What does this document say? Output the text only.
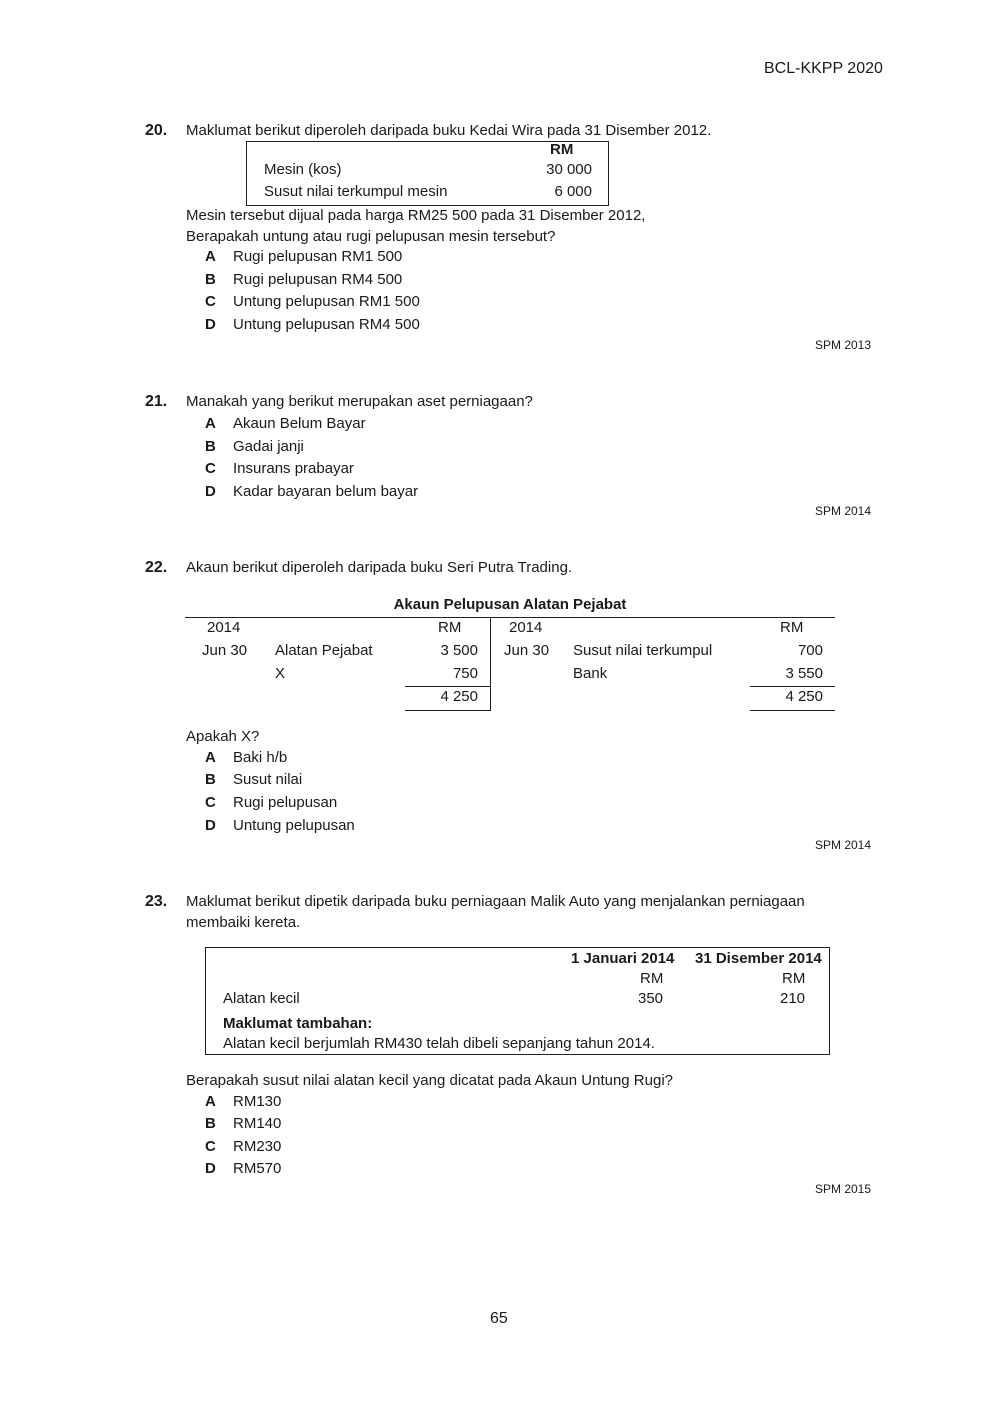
BCL-KKPP 2020
20. Maklumat berikut diperoleh daripada buku Kedai Wira pada 31 Disember 2012.
RM
Mesin (kos)	30 000
Susut nilai terkumpul mesin	6 000
Mesin tersebut dijual pada harga RM25 500 pada 31 Disember 2012,
Berapakah untung atau rugi pelupusan mesin tersebut?
A Rugi pelupusan RM1 500
B Rugi pelupusan RM4 500
C Untung pelupusan RM1 500
D Untung pelupusan RM4 500
SPM 2013
21. Manakah yang berikut merupakan aset perniagaan?
A Akaun Belum Bayar
B Gadai janji
C Insurans prabayar
D Kadar bayaran belum bayar
SPM 2014
22. Akaun berikut diperoleh daripada buku Seri Putra Trading.
Akaun Pelupusan Alatan Pejabat
2014	RM
Jun 30 Alatan Pejabat	3 500
X	750
4 250
2014	RM
Jun 30 Susut nilai terkumpul	700
Bank	3 550
4 250
Apakah X?
A Baki h/b
B Susut nilai
C Rugi pelupusan
D Untung pelupusan
SPM 2014
23. Maklumat berikut dipetik daripada buku perniagaan Malik Auto yang menjalankan perniagaan
membaiki kereta.
1 Januari 2014 31 Disember 2014
RM	RM
Alatan kecil	350	210
Maklumat tambahan:
Alatan kecil berjumlah RM430 telah dibeli sepanjang tahun 2014.
Berapakah susut nilai alatan kecil yang dicatat pada Akaun Untung Rugi?
A RM130
B RM140
C RM230
D RM570
SPM 2015
65
